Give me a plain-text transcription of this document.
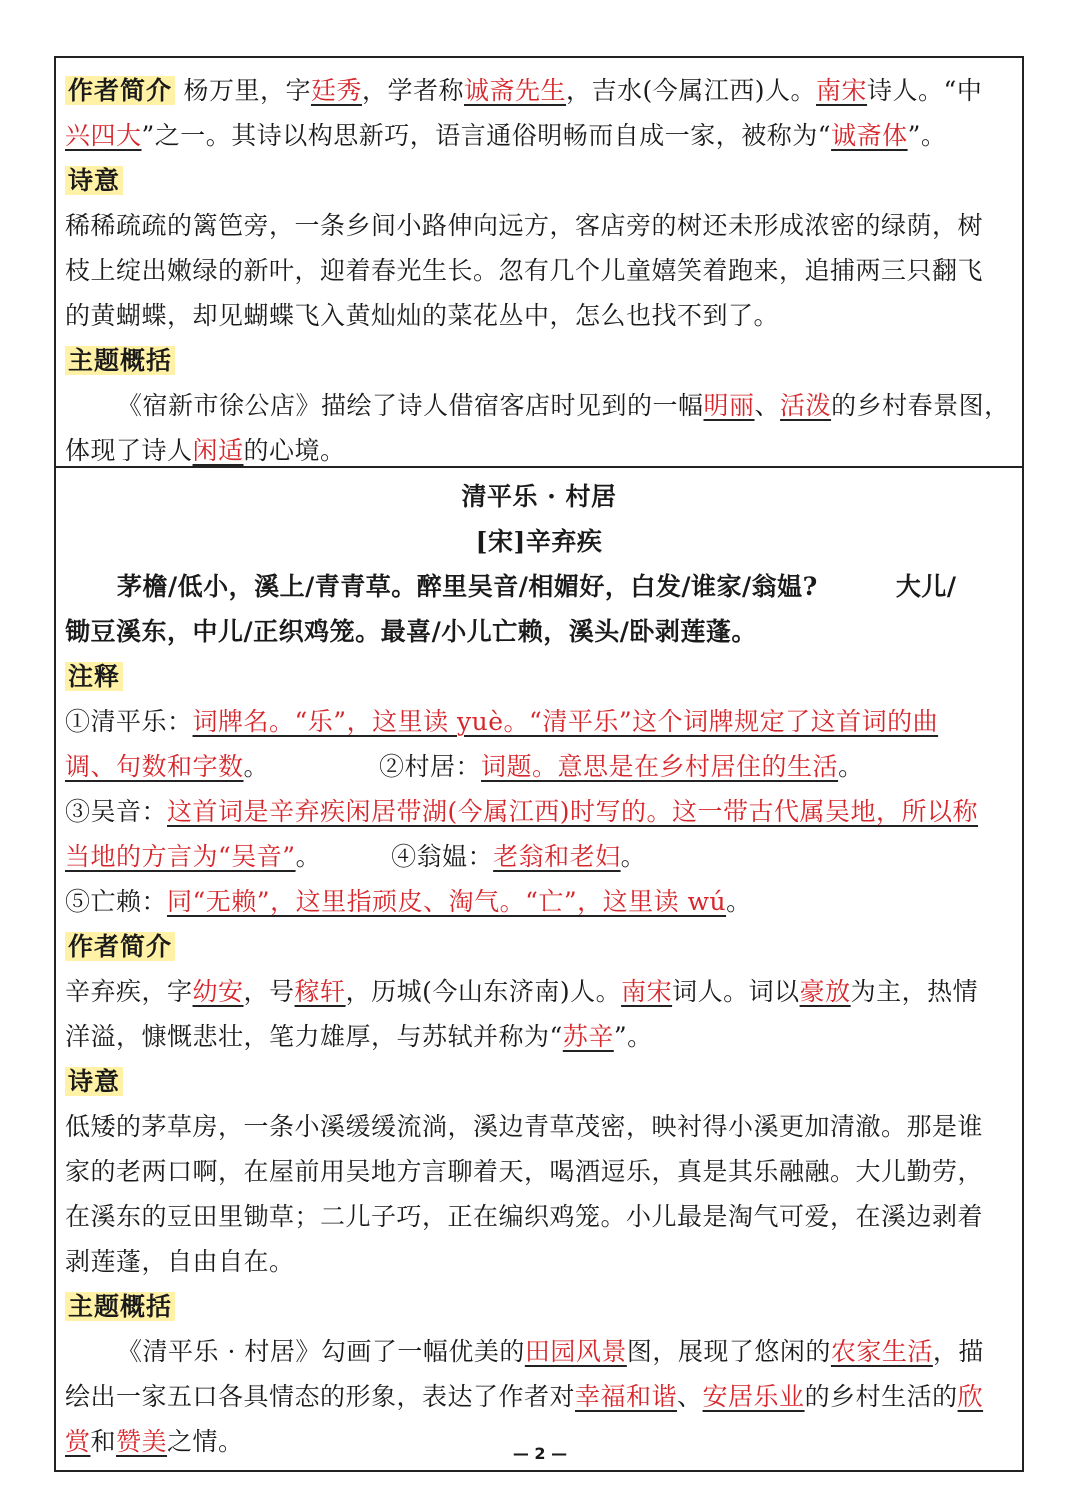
作者简介 杨万里，字廷秀，学者称诚斋先生，吉水(今属江西)人。南宋诗人。“中
兴四大”之一。其诗以构思新巧，语言通俗明畅而自成一家，被称为“诚斋体”。
诗意
稀稀疏疏的篱笆旁，一条乡间小路伸向远方，客店旁的树还未形成浓密的绿荫，树
枝上绽出嫩绿的新叶，迎着春光生长。忽有几个儿童嬉笑着跑来，追捕两三只翻飞
的黄蝴蝶，却见蝴蝶飞入黄灿灿的菜花丛中，怎么也找不到了。
主题概括
《宿新市徐公店》描绘了诗人借宿客店时见到的一幅明丽、活泼的乡村春景图，
体现了诗人闲适的心境。
清平乐 · 村居
[宋]辛弃疾
茅檐/低小，溪上/青青草。醉里吴音/相媚好，白发/谁家/翁媪?	大儿/
锄豆溪东，中儿/正织鸡笼。最喜/小儿亡赖，溪头/卧剥莲蓬。
注释
①清平乐：词牌名。“乐”，这里读 yuè。“清平乐”这个词牌规定了这首词的曲
调、句数和字数。	②村居：词题。意思是在乡村居住的生活。
③吴音：这首词是辛弃疾闲居带湖(今属江西)时写的。这一带古代属吴地，所以称
当地的方言为“吴音”。	④翁媪：老翁和老妇。
⑤亡赖：同“无赖”，这里指顽皮、淘气。“亡”，这里读 wú。
作者简介
辛弃疾，字幼安，号稼轩，历城(今山东济南)人。南宋词人。词以豪放为主，热情
洋溢，慷慨悲壮，笔力雄厚，与苏轼并称为“苏辛”。
诗意
低矮的茅草房，一条小溪缓缓流淌，溪边青草茂密，映衬得小溪更加清澈。那是谁
家的老两口啊，在屋前用吴地方言聊着天，喝酒逗乐，真是其乐融融。大儿勤劳，
在溪东的豆田里锄草；二儿子巧，正在编织鸡笼。小儿最是淘气可爱，在溪边剥着
剥莲蓬，自由自在。
主题概括
《清平乐 · 村居》勾画了一幅优美的田园风景图，展现了悠闲的农家生活，描
绘出一家五口各具情态的形象，表达了作者对幸福和谐、安居乐业的乡村生活的欣
赏和赞美之情。	— 2 —
